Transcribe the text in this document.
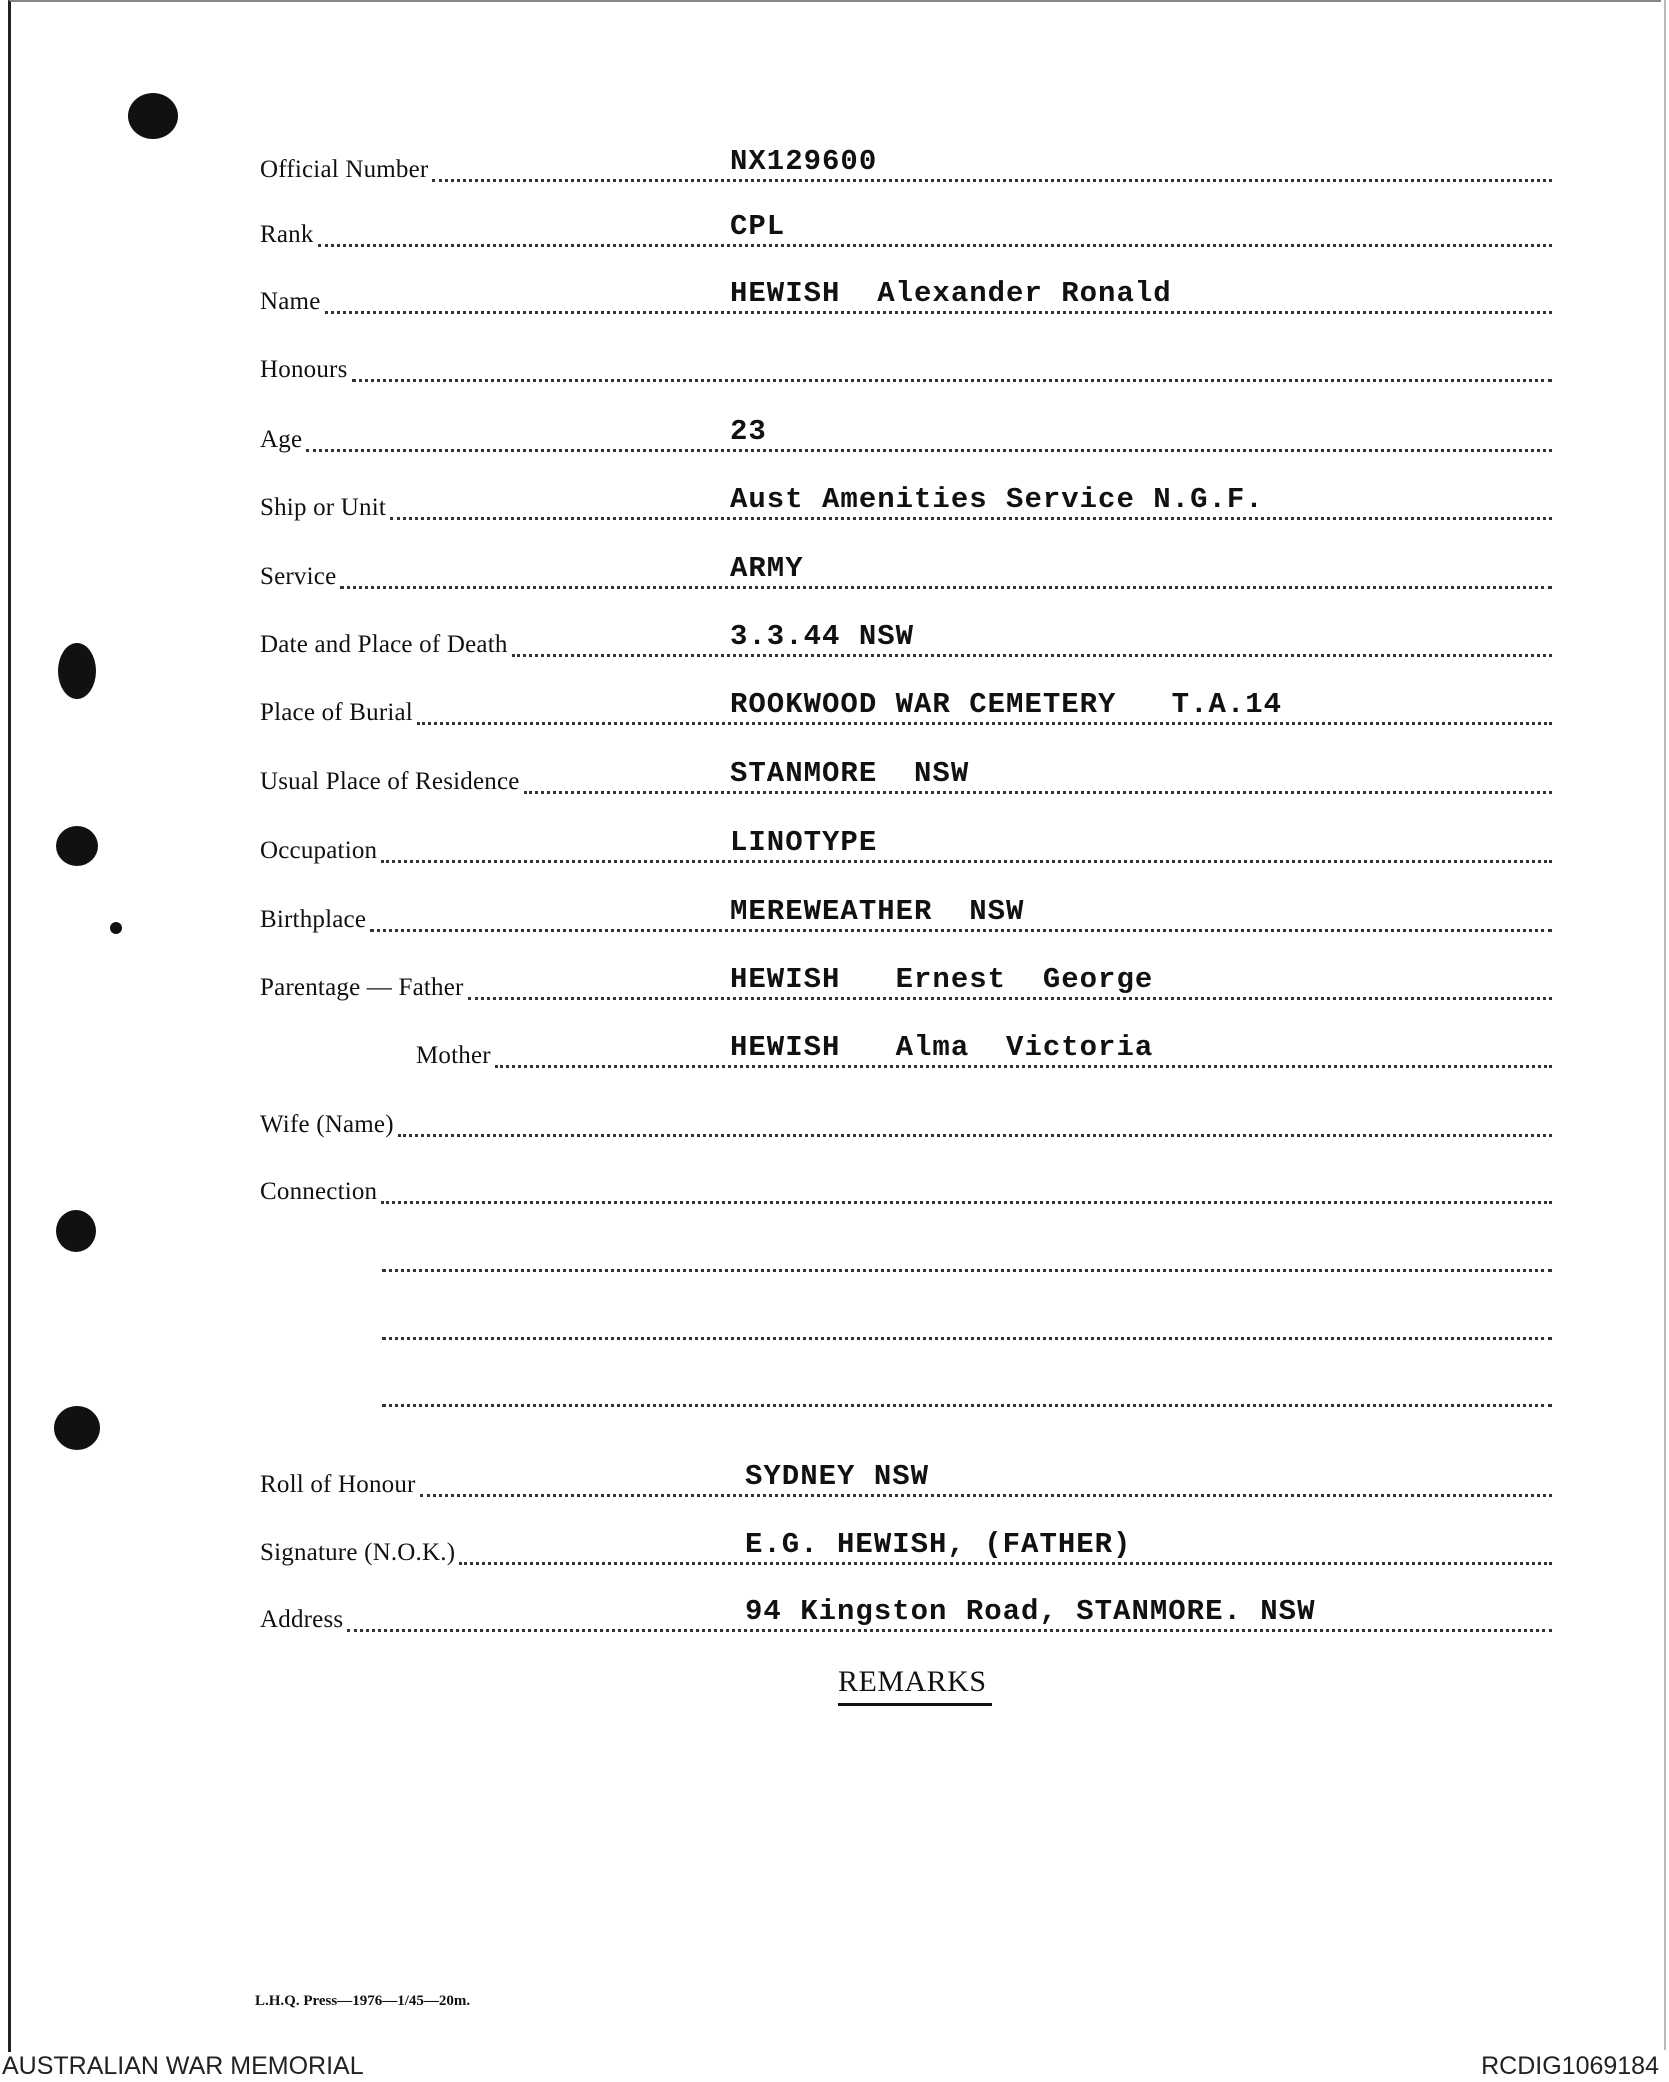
Official Number	NX129600
Rank	CPL
Name	HEWISH  Alexander Ronald
Honours
Age	23
Ship or Unit	Aust Amenities Service N.G.F.
Service	ARMY
Date and Place of Death	3.3.44 NSW
Place of Burial	ROOKWOOD WAR CEMETERY   T.A.14
Usual Place of Residence	STANMORE  NSW
Occupation	LINOTYPE
Birthplace	MEREWEATHER  NSW
Parentage — Father	HEWISH   Ernest  George
Mother	HEWISH   Alma  Victoria
Wife (Name)
Connection
Roll of Honour	SYDNEY NSW
Signature (N.O.K.)	E.G. HEWISH, (FATHER)
Address	94 Kingston Road, STANMORE. NSW
REMARKS
L.H.Q. Press—1976—1/45—20m.
AUSTRALIAN WAR MEMORIAL	RCDIG1069184
